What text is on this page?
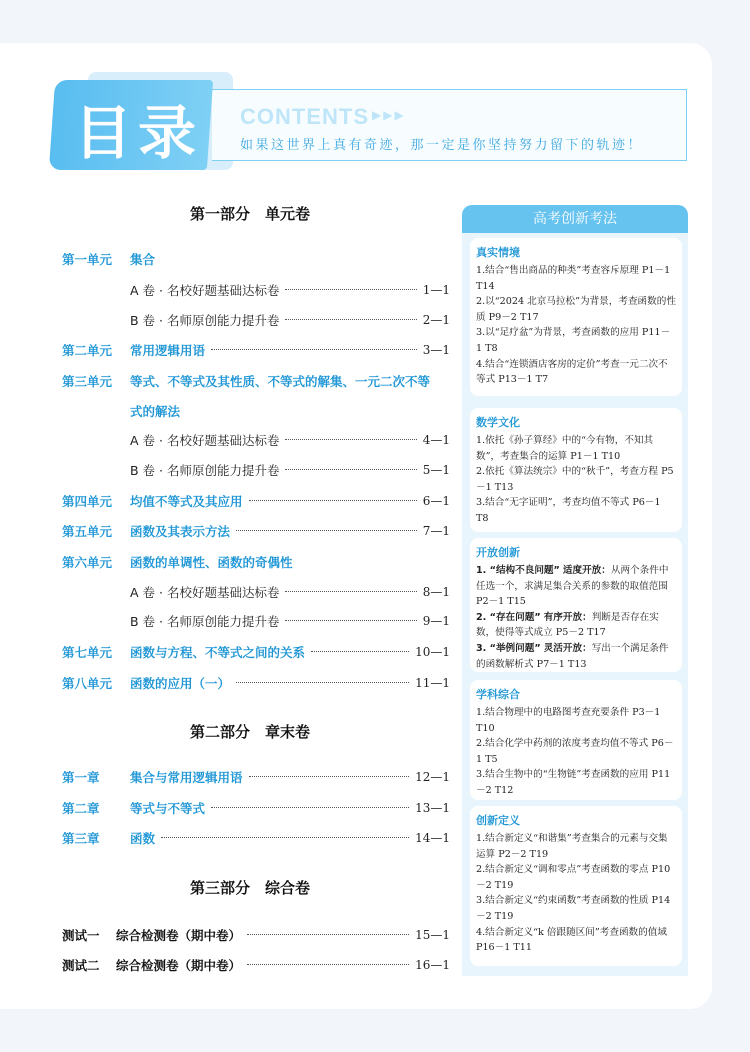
目录 CONTENTS ▶▶▶
如果这世界上真有奇迹，那一定是你坚持努力留下的轨迹！
第一部分　单元卷
第一单元	集合
A 卷 · 名校好题基础达标卷	1—1
B 卷 · 名师原创能力提升卷	2—1
第二单元	常用逻辑用语	3—1
第三单元	等式、不等式及其性质、不等式的解集、一元二次不等
式的解法
A 卷 · 名校好题基础达标卷	4—1
B 卷 · 名师原创能力提升卷	5—1
第四单元	均值不等式及其应用	6—1
第五单元	函数及其表示方法	7—1
第六单元	函数的单调性、函数的奇偶性
A 卷 · 名校好题基础达标卷	8—1
B 卷 · 名师原创能力提升卷	9—1
第七单元	函数与方程、不等式之间的关系	10—1
第八单元	函数的应用（一）	11—1
第二部分　章末卷
第一章	集合与常用逻辑用语	12—1
第二章	等式与不等式	13—1
第三章	函数	14—1
第三部分　综合卷
测试一	综合检测卷（期中卷）	15—1
测试二	综合检测卷（期中卷）	16—1
高考创新考法
真实情境
1.结合“售出商品的种类”考查容斥原理 P1－1 T14
2.以“2024 北京马拉松”为背景，考查函数的性质 P9－2 T17
3.以“足疗盆”为背景，考查函数的应用 P11－1 T8
4.结合“连锁酒店客房的定价”考查一元二次不等式 P13－1 T7
数学文化
1.依托《孙子算经》中的“今有物，不知其数”，考查集合的运算 P1－1 T10
2.依托《算法统宗》中的“秋千”，考查方程 P5－1 T13
3.结合“无字证明”，考查均值不等式 P6－1 T8
开放创新
1. “结构不良问题” 适度开放：从两个条件中任选一个，求满足集合关系的参数的取值范围 P2－1 T15
2. “存在问题” 有序开放：判断是否存在实数，使得等式成立 P5－2 T17
3. “举例问题” 灵活开放：写出一个满足条件的函数解析式 P7－1 T13
学科综合
1.结合物理中的电路图考查充要条件 P3－1 T10
2.结合化学中药剂的浓度考查均值不等式 P6－1 T5
3.结合生物中的“生物链”考查函数的应用 P11－2 T12
创新定义
1.结合新定义“和谐集”考查集合的元素与交集运算 P2－2 T19
2.结合新定义“调和零点”考查函数的零点 P10－2 T19
3.结合新定义“约束函数”考查函数的性质 P14－2 T19
4.结合新定义“k 倍跟随区间”考查函数的值域 P16－1 T11
